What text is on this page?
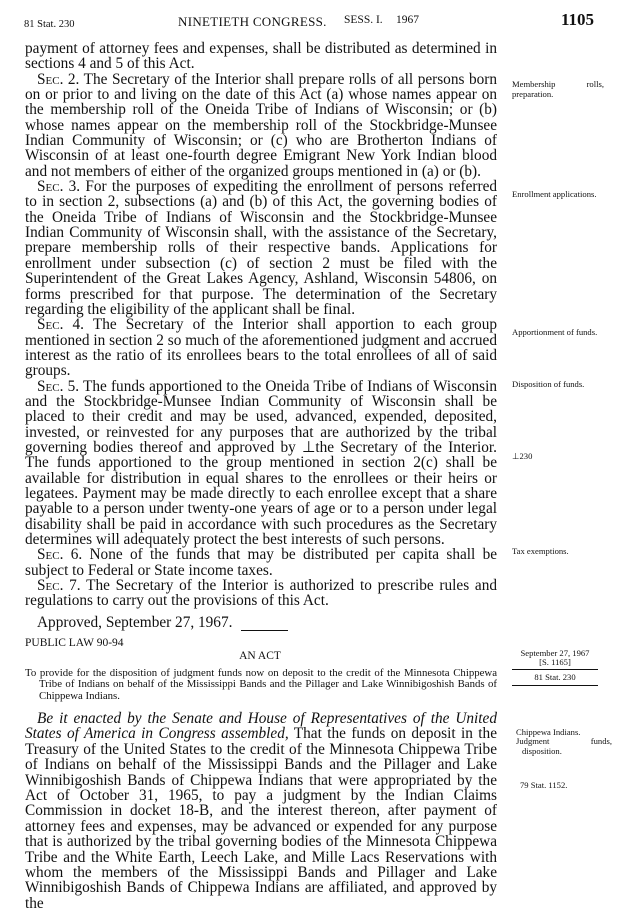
81 Stat. 230	NINETIETH CONGRESS. SESS. I. 1967	1105

payment of attorney fees and expenses, shall be distributed as determined in sections 4 and 5 of this Act.

Sec. 2. The Secretary of the Interior shall prepare rolls of all persons born on or prior to and living on the date of this Act (a) whose names appear on the membership roll of the Oneida Tribe of Indians of Wisconsin; or (b) whose names appear on the membership roll of the Stockbridge-Munsee Indian Community of Wisconsin; or (c) who are Brotherton Indians of Wisconsin of at least one-fourth degree Emigrant New York Indian blood and not members of either of the organized groups mentioned in (a) or (b).

Sec. 3. For the purposes of expediting the enrollment of persons referred to in section 2, subsections (a) and (b) of this Act, the governing bodies of the Oneida Tribe of Indians of Wisconsin and the Stockbridge-Munsee Indian Community of Wisconsin shall, with the assistance of the Secretary, prepare membership rolls of their respective bands. Applications for enrollment under subsection (c) of section 2 must be filed with the Superintendent of the Great Lakes Agency, Ashland, Wisconsin 54806, on forms prescribed for that purpose. The determination of the Secretary regarding the eligibility of the applicant shall be final.

Sec. 4. The Secretary of the Interior shall apportion to each group mentioned in section 2 so much of the aforementioned judgment and accrued interest as the ratio of its enrollees bears to the total enrollees of all of said groups.

Sec. 5. The funds apportioned to the Oneida Tribe of Indians of Wisconsin and the Stockbridge-Munsee Indian Community of Wisconsin shall be placed to their credit and may be used, advanced, expended, deposited, invested, or reinvested for any purposes that are authorized by the tribal governing bodies thereof and approved by ⊥the Secretary of the Interior. The funds apportioned to the group mentioned in section 2(c) shall be available for distribution in equal shares to the enrollees or their heirs or legatees. Payment may be made directly to each enrollee except that a share payable to a person under twenty-one years of age or to a person under legal disability shall be paid in accordance with such procedures as the Secretary determines will adequately protect the best interests of such persons.

Sec. 6. None of the funds that may be distributed per capita shall be subject to Federal or State income taxes.

Sec. 7. The Secretary of the Interior is authorized to prescribe rules and regulations to carry out the provisions of this Act.

Approved, September 27, 1967.

PUBLIC LAW 90-94
AN ACT

To provide for the disposition of judgment funds now on deposit to the credit of the Minnesota Chippewa Tribe of Indians on behalf of the Mississippi Bands and the Pillager and Lake Winnibigoshish Bands of Chippewa Indians.

Be it enacted by the Senate and House of Representatives of the United States of America in Congress assembled, That the funds on deposit in the Treasury of the United States to the credit of the Minnesota Chippewa Tribe of Indians on behalf of the Mississippi Bands and the Pillager and Lake Winnibigoshish Bands of Chippewa Indians that were appropriated by the Act of October 31, 1965, to pay a judgment by the Indian Claims Commission in docket 18-B, and the interest thereon, after payment of attorney fees and expenses, may be advanced or expended for any purpose that is authorized by the tribal governing bodies of the Minnesota Chippewa Tribe and the White Earth, Leech Lake, and Mille Lacs Reservations with whom the members of the Mississippi Bands and Pillager and Lake Winnibigoshish Bands of Chippewa Indians are affiliated, and approved by the

Membership rolls, preparation.
Enrollment applications.
Apportionment of funds.
Disposition of funds.
⊥230
Tax exemptions.
September 27, 1967
[S. 1165]
81 Stat. 230
Chippewa Indians.
Judgment funds, disposition.
79 Stat. 1152.
